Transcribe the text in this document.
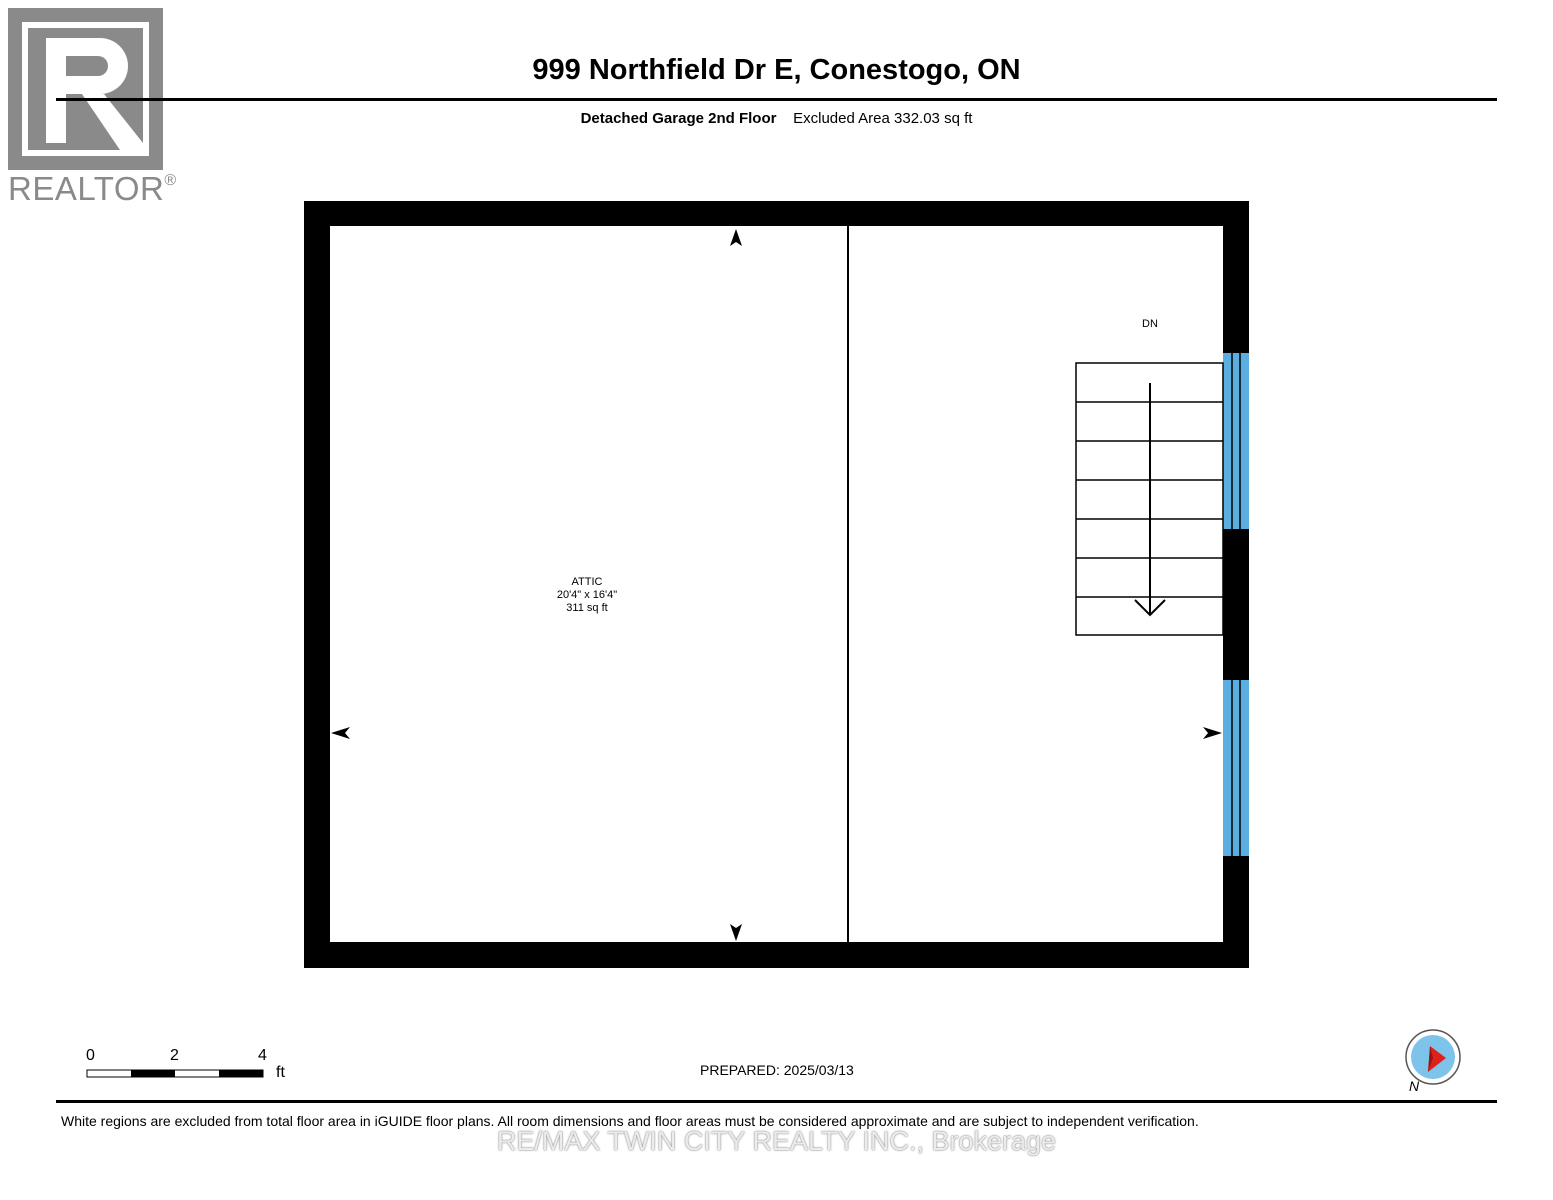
REALTOR®
999 Northfield Dr E, Conestogo, ON
Detached Garage 2nd Floor Excluded Area 332.03 sq ft
ATTIC
20'4" x 16'4"
311 sq ft
DN
0	2	4
ft	PREPARED: 2025/03/13
N
White regions are excluded from total floor area in iGUIDE floor plans. All room dimensions and floor areas must be considered approximate and are subject to independent verification.
RE/MAX TWIN CITY REALTY INC., Brokerage
